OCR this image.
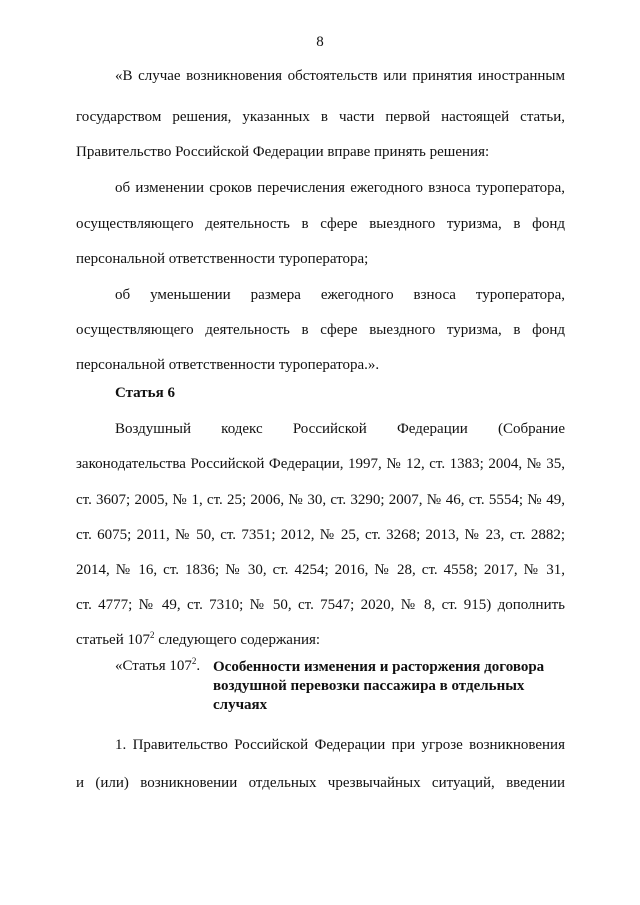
8
«В случае возникновения обстоятельств или принятия иностранным
государством решения, указанных в части первой настоящей статьи,
Правительство Российской Федерации вправе принять решения:
об изменении сроков перечисления ежегодного взноса туроператора,
осуществляющего деятельность в сфере выездного туризма, в фонд
персональной ответственности туроператора;
об уменьшении размера ежегодного взноса туроператора,
осуществляющего деятельность в сфере выездного туризма, в фонд
персональной ответственности туроператора.».
Статья 6
Воздушный кодекс Российской Федерации (Собрание
законодательства Российской Федерации, 1997, № 12, ст. 1383; 2004, № 35,
ст. 3607; 2005, № 1, ст. 25; 2006, № 30, ст. 3290; 2007, № 46, ст. 5554; № 49,
ст. 6075; 2011, № 50, ст. 7351; 2012, № 25, ст. 3268; 2013, № 23, ст. 2882;
2014, № 16, ст. 1836; № 30, ст. 4254; 2016, № 28, ст. 4558; 2017, № 31,
ст. 4777; № 49, ст. 7310; № 50, ст. 7547; 2020, № 8, ст. 915) дополнить
статьей $107^2$ следующего содержания:
«Статья $107^2$. Особенности изменения и расторжения договора воздушной перевозки пассажира в отдельных случаях
1. Правительство Российской Федерации при угрозе возникновения
и (или) возникновении отдельных чрезвычайных ситуаций, введении
